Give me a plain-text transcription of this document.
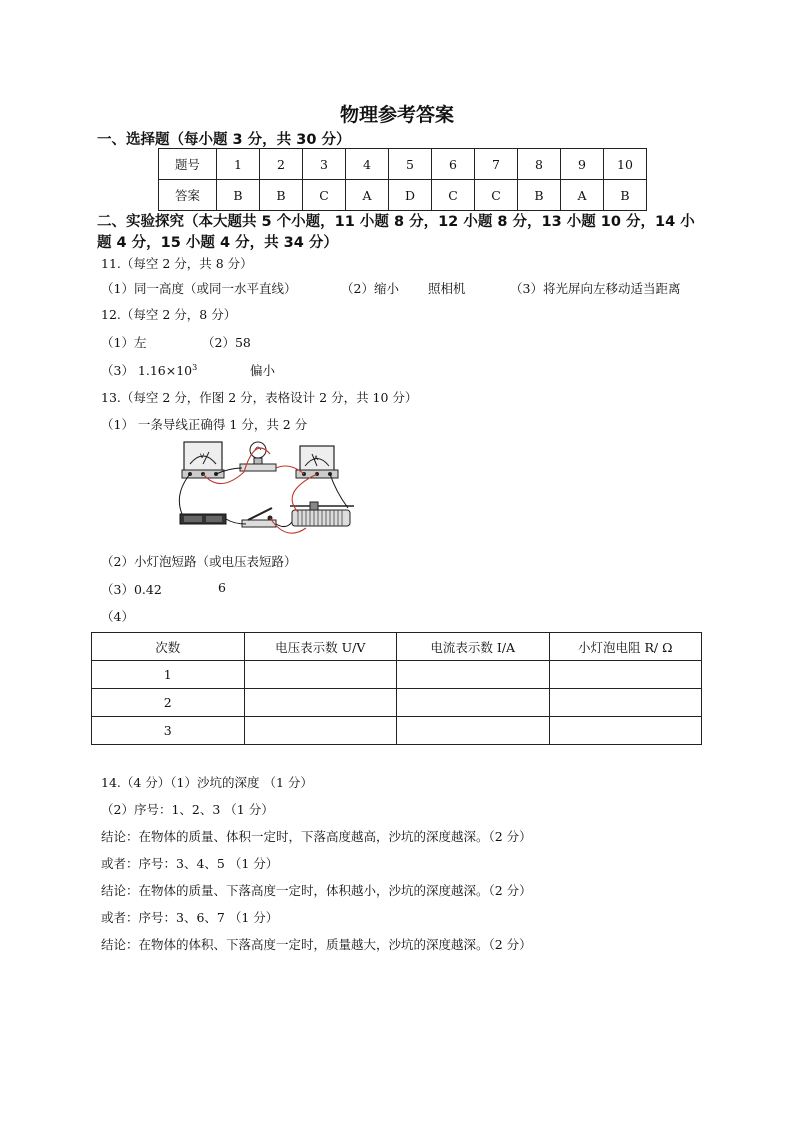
物理参考答案
一、选择题（每小题 3 分，共 30 分）
题号	1	2	3	4	5	6	7	8	9	10
答案	B	B	C	A	D	C	C	B	A	B
二、实验探究（本大题共 5 个小题，11 小题 8 分，12 小题 8 分，13 小题 10 分，14 小
题 4 分，15 小题 4 分，共 34 分）
11.（每空 2 分，共 8 分）
（1）同一高度（或同一水平直线）	（2）缩小 照相机	（3）将光屏向左移动适当距离
12.（每空 2 分，8 分）
（1）左	（2）58
（3） $1.16\times 10^3$	偏小
13.（每空 2 分，作图 2 分，表格设计 2 分，共 10 分）
（1） 一条导线正确得 1 分，共 2 分
V	A
（2）小灯泡短路（或电压表短路）
（3）0.42	6
（4）
次数	电压表示数 U/V	电流表示数 I/A	小灯泡电阻 R/ Ω
1			
2			
3			
14.（4 分）（1）沙坑的深度 （1 分）
（2）序号：1、2、3 （1 分）
结论：在物体的质量、体积一定时，下落高度越高，沙坑的深度越深。（2 分）
或者：序号：3、4、5 （1 分）
结论：在物体的质量、下落高度一定时，体积越小，沙坑的深度越深。（2 分）
或者：序号：3、6、7 （1 分）
结论：在物体的体积、下落高度一定时，质量越大，沙坑的深度越深。（2 分）
